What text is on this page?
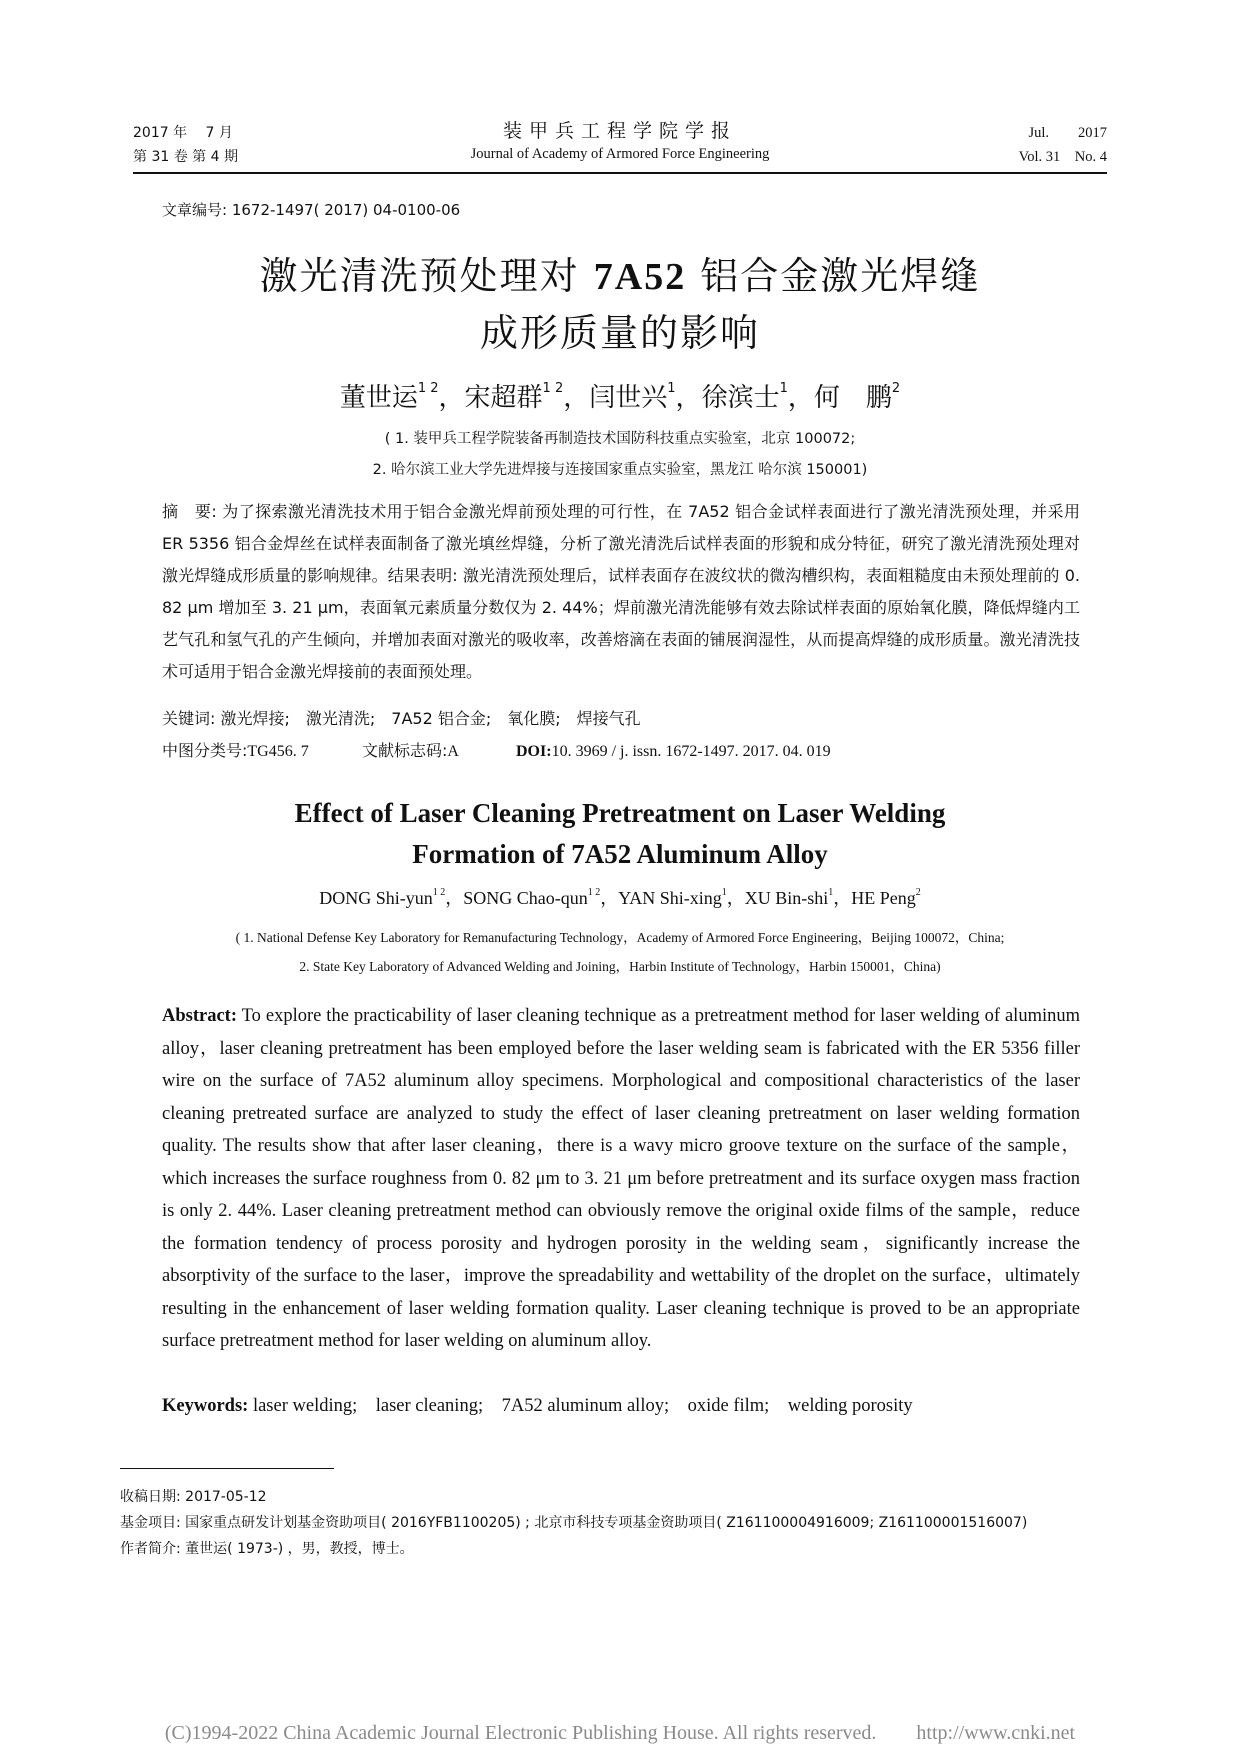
2017 年 　7 月
第 31 卷 第 4 期
装甲兵工程学院学报
Journal of Academy of Armored Force Engineering
Jul.　　2017
Vol. 31　No. 4
文章编号: 1672-1497( 2017) 04-0100-06
激光清洗预处理对 7A52 铝合金激光焊缝
成形质量的影响
董世运$^{1 2}$，宋超群$^{1 2}$，闫世兴$^1$，徐滨士$^1$，何　鹏$^2$
( 1. 装甲兵工程学院装备再制造技术国防科技重点实验室，北京 100072;
2. 哈尔滨工业大学先进焊接与连接国家重点实验室，黑龙江 哈尔滨 150001)
摘　要: 为了探索激光清洗技术用于铝合金激光焊前预处理的可行性，在 7A52 铝合金试样表面进行了激光清洗预处理，并采用 ER 5356 铝合金焊丝在试样表面制备了激光填丝焊缝，分析了激光清洗后试样表面的形貌和成分特征，研究了激光清洗预处理对激光焊缝成形质量的影响规律。结果表明: 激光清洗预处理后，试样表面存在波纹状的微沟槽织构，表面粗糙度由未预处理前的 0. 82 μm 增加至 3. 21 μm，表面氧元素质量分数仅为 2. 44%；焊前激光清洗能够有效去除试样表面的原始氧化膜，降低焊缝内工艺气孔和氢气孔的产生倾向，并增加表面对激光的吸收率，改善熔滴在表面的铺展润湿性，从而提高焊缝的成形质量。激光清洗技术可适用于铝合金激光焊接前的表面预处理。
关键词: 激光焊接;　激光清洗;　7A52 铝合金;　氧化膜;　焊接气孔
中图分类号:TG456. 7	文献标志码:A	DOI:10. 3969 / j. issn. 1672-1497. 2017. 04. 019
Effect of Laser Cleaning Pretreatment on Laser Welding
Formation of 7A52 Aluminum Alloy
DONG Shi-yun$^{1 2}$，SONG Chao-qun$^{1 2}$，YAN Shi-xing$^1$，XU Bin-shi$^1$，HE Peng$^2$
( 1. National Defense Key Laboratory for Remanufacturing Technology，Academy of Armored Force Engineering，Beijing 100072，China;
2. State Key Laboratory of Advanced Welding and Joining，Harbin Institute of Technology，Harbin 150001，China)
Abstract: To explore the practicability of laser cleaning technique as a pretreatment method for laser welding of aluminum alloy，laser cleaning pretreatment has been employed before the laser welding seam is fabricated with the ER 5356 filler wire on the surface of 7A52 aluminum alloy specimens. Morphological and compositional characteristics of the laser cleaning pretreated surface are analyzed to study the effect of laser cleaning pretreatment on laser welding formation quality. The results show that after laser cleaning，there is a wavy micro groove texture on the surface of the sample，which increases the surface roughness from 0. 82 μm to 3. 21 μm before pretreatment and its surface oxygen mass fraction is only 2. 44%. Laser cleaning pretreatment method can obviously remove the original oxide films of the sample，reduce the formation tendency of process porosity and hydrogen porosity in the welding seam，significantly increase the absorptivity of the surface to the laser，improve the spreadability and wettability of the droplet on the surface，ultimately resulting in the enhancement of laser welding formation quality. Laser cleaning technique is proved to be an appropriate surface pretreatment method for laser welding on aluminum alloy.
Keywords: laser welding;　laser cleaning;　7A52 aluminum alloy;　oxide film;　welding porosity
收稿日期: 2017-05-12
基金项目: 国家重点研发计划基金资助项目( 2016YFB1100205) ; 北京市科技专项基金资助项目( Z161100004916009; Z161100001516007)
作者简介: 董世运( 1973-) ，男，教授，博士。
(C)1994-2022 China Academic Journal Electronic Publishing House. All rights reserved.　　http://www.cnki.net
